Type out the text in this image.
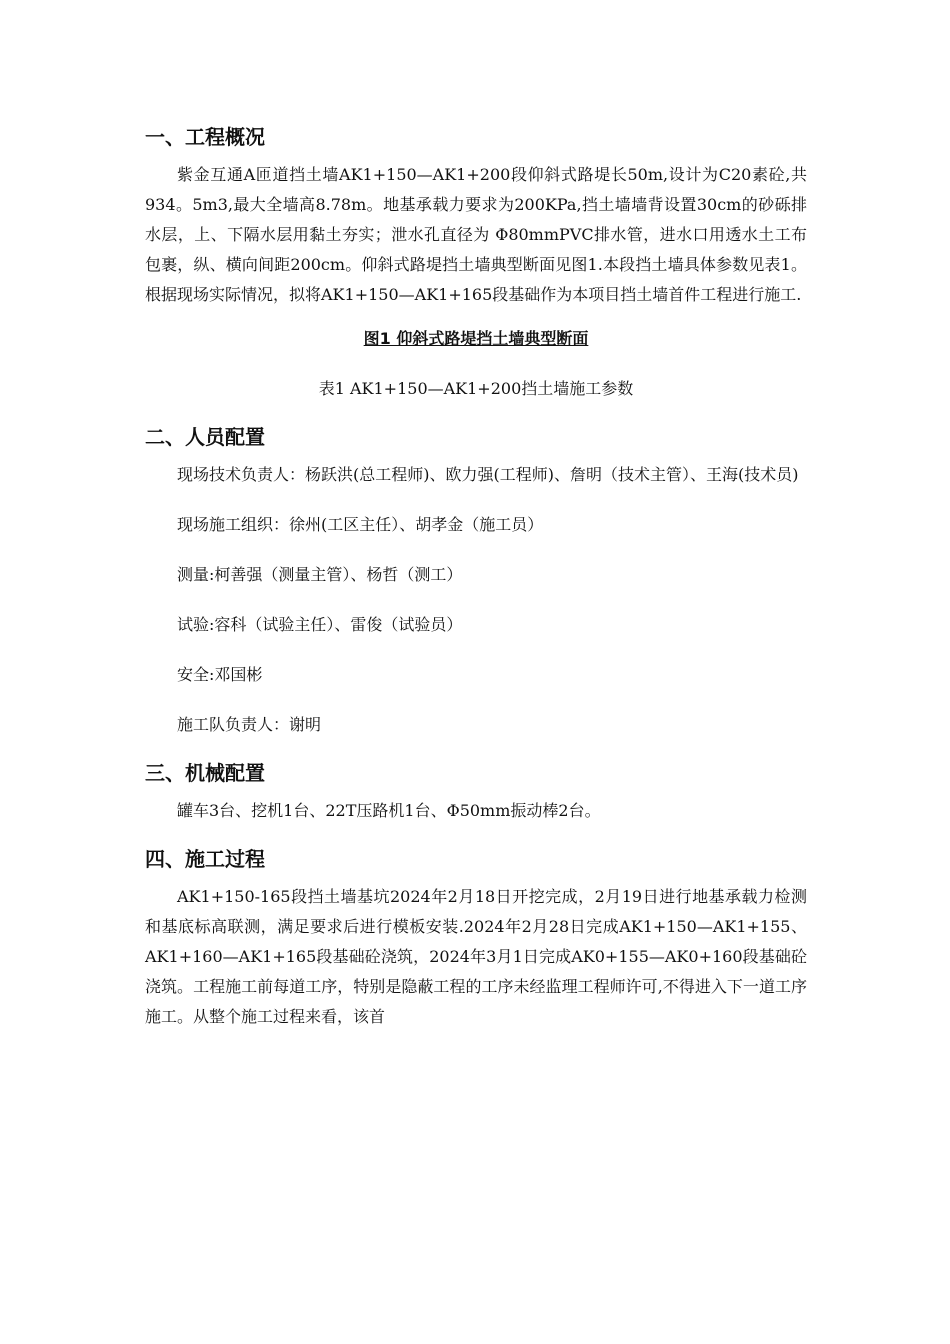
一、工程概况

紫金互通A匝道挡土墙AK1+150—AK1+200段仰斜式路堤长50m,设计为C20素砼,共934。5m3,最大全墙高8.78m。地基承载力要求为200KPa,挡土墙墙背设置30cm的砂砾排水层，上、下隔水层用黏土夯实；泄水孔直径为 Φ80mmPVC排水管，进水口用透水土工布包裹，纵、横向间距200cm。仰斜式路堤挡土墙典型断面见图1.本段挡土墙具体参数见表1。根据现场实际情况，拟将AK1+150—AK1+165段基础作为本项目挡土墙首件工程进行施工.

图1 仰斜式路堤挡土墙典型断面

表1 AK1+150—AK1+200挡土墙施工参数

二、人员配置

现场技术负责人：杨跃洪(总工程师)、欧力强(工程师)、詹明（技术主管）、王海(技术员)

现场施工组织：徐州(工区主任）、胡孝金（施工员）

测量:柯善强（测量主管）、杨哲（测工）

试验:容科（试验主任）、雷俊（试验员）

安全:邓国彬

施工队负责人：谢明

三、机械配置

罐车3台、挖机1台、22T压路机1台、Φ50mm振动棒2台。

四、施工过程

AK1+150-165段挡土墙基坑2024年2月18日开挖完成，2月19日进行地基承载力检测和基底标高联测，满足要求后进行模板安装.2024年2月28日完成AK1+150—AK1+155、AK1+160—AK1+165段基础砼浇筑，2024年3月1日完成AK0+155—AK0+160段基础砼浇筑。工程施工前每道工序，特别是隐蔽工程的工序未经监理工程师许可,不得进入下一道工序施工。从整个施工过程来看，该首
